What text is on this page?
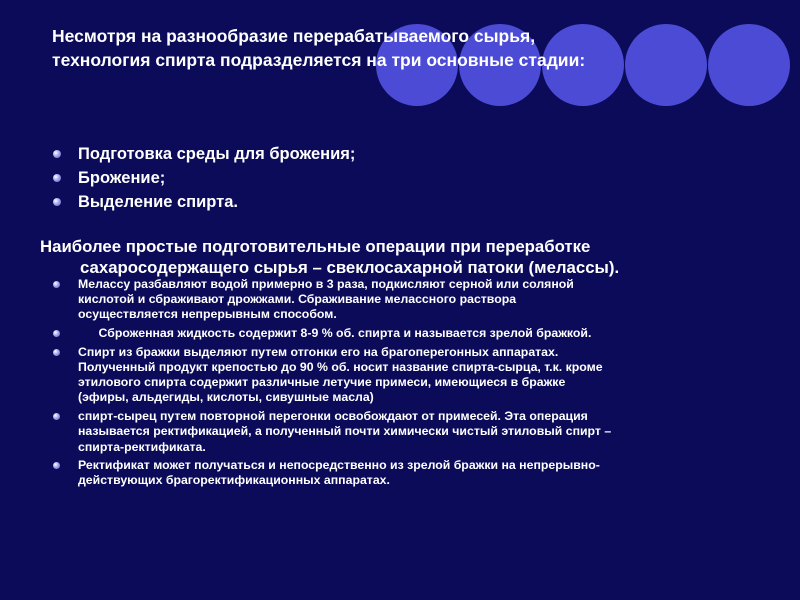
Несмотря на разнообразие перерабатываемого сырья,
технология спирта подразделяется на три основные стадии:
Подготовка среды для брожения;
Брожение;
Выделение спирта.
Наиболее простые подготовительные операции при переработке
сахаросодержащего сырья – свеклосахарной патоки (мелассы).
Мелассу разбавляют водой примерно в 3 раза, подкисляют серной или соляной
кислотой и сбраживают дрожжами. Сбраживание мелассного раствора
осуществляется непрерывным способом.
Сброженная жидкость содержит 8-9 % об. спирта и называется зрелой бражкой.
Спирт из бражки выделяют путем отгонки его на брагоперегонных аппаратах.
Полученный продукт крепостью до 90 % об. носит название спирта-сырца, т.к. кроме
этилового спирта содержит различные летучие примеси, имеющиеся в бражке
(эфиры, альдегиды, кислоты, сивушные масла)
спирт-сырец путем повторной перегонки освобождают от примесей. Эта операция
называется ректификацией, а полученный почти химически чистый этиловый спирт –
спирта-ректификата.
Ректификат может получаться и непосредственно из зрелой бражки на непрерывно-
действующих брагоректификационных аппаратах.
